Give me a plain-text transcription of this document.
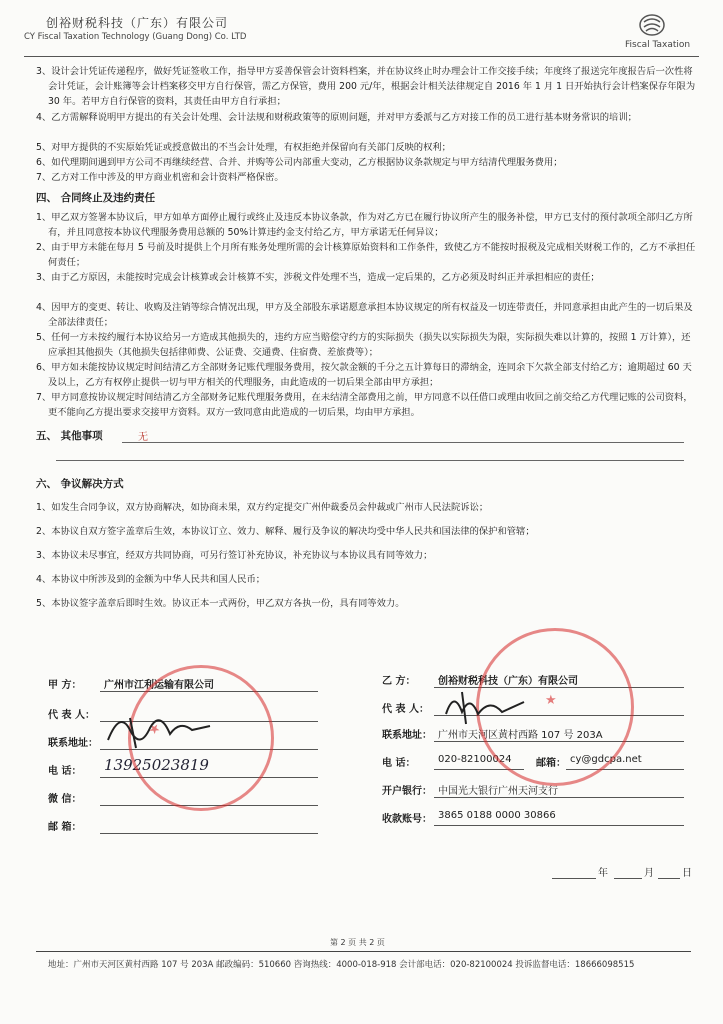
创裕财税科技（广东）有限公司
CY Fiscal Taxation Technology (Guang Dong) Co. LTD
Fiscal Taxation
3、设计会计凭证传递程序，做好凭证签收工作，指导甲方妥善保管会计资料档案，并在协议终止时办理会计工作交接手续；年度终了报送完年度报告后一次性将会计凭证，会计账簿等会计档案移交甲方自行保管，需乙方保管，费用 200 元/年，根据会计相关法律规定自 2016 年 1 月 1 日开始执行会计档案保存年限为 30 年。若甲方自行保管的资料，其责任由甲方自行承担；
4、乙方需解释说明甲方提出的有关会计处理、会计法规和财税政策等的原则问题，并对甲方委派与乙方对接工作的员工进行基本财务常识的培训；
5、对甲方提供的不实原始凭证或授意做出的不当会计处理，有权拒绝并保留向有关部门反映的权利；
6、如代理期间遇到甲方公司不再继续经营、合并、并购等公司内部重大变动，乙方根据协议条款规定与甲方结清代理服务费用；
7、乙方对工作中涉及的甲方商业机密和会计资料严格保密。
四、 合同终止及违约责任
1、甲乙双方签署本协议后，甲方如单方面停止履行或终止及违反本协议条款，作为对乙方已在履行协议所产生的服务补偿，甲方已支付的预付款项全部归乙方所有，并且同意按本协议代理服务费用总额的 50%计算违约金支付给乙方，甲方承诺无任何异议；
2、由于甲方未能在每月 5 号前及时提供上个月所有账务处理所需的会计核算原始资料和工作条件，致使乙方不能按时报税及完成相关财税工作的，乙方不承担任何责任；
3、由于乙方原因，未能按时完成会计核算或会计核算不实，涉税文件处理不当，造成一定后果的，乙方必须及时纠正并承担相应的责任；
4、因甲方的变更、转让、收购及注销等综合情况出现，甲方及全部股东承诺愿意承担本协议规定的所有权益及一切连带责任，并同意承担由此产生的一切后果及全部法律责任；
5、任何一方未按约履行本协议给另一方造成其他损失的，违约方应当赔偿守约方的实际损失（损失以实际损失为限，实际损失难以计算的，按照 1 万计算），还应承担其他损失（其他损失包括律师费、公证费、交通费、住宿费、差旅费等）；
6、甲方如未能按协议规定时间结清乙方全部财务记账代理服务费用，按欠款金额的千分之五计算每日的滞纳金，连同余下欠款全部支付给乙方；逾期超过 60 天及以上，乙方有权停止提供一切与甲方相关的代理服务，由此造成的一切后果全部由甲方承担；
7、甲方同意按协议规定时间结清乙方全部财务记账代理服务费用，在未结清全部费用之前，甲方同意不以任借口或理由收回之前交给乙方代理记账的公司资料，更不能向乙方提出要求交接甲方资料。双方一致同意由此造成的一切后果，均由甲方承担。
五、 其他事项	无
六、 争议解决方式
1、如发生合同争议，双方协商解决，如协商未果，双方约定提交广州仲裁委员会仲裁或广州市人民法院诉讼；
2、本协议自双方签字盖章后生效，本协议订立、效力、解释、履行及争议的解决均受中华人民共和国法律的保护和管辖；
3、本协议未尽事宜，经双方共同协商，可另行签订补充协议，补充协议与本协议具有同等效力；
4、本协议中所涉及到的金额为中华人民共和国人民币；
5、本协议签字盖章后即时生效。协议正本一式两份，甲乙双方各执一份，具有同等效力。
甲 方： 广州市江利运输有限公司
代 表 人：
联系地址：
电 话： 13925023819
微 信：
邮 箱：
乙 方： 创裕财税科技（广东）有限公司
代 表 人：
联系地址： 广州市天河区黄村西路 107 号 203A
电 话： 020-82100024 邮箱： cy@gdcpa.net
开户银行： 中国光大银行广州天河支行
收款账号： 3865 0188 0000 30866
年	月	日
★
★
第 2 页 共 2 页
地址：广州市天河区黄村西路 107 号 203A 邮政编码：510660 咨询热线：4000-018-918 会计部电话：020-82100024 投诉监督电话：18666098515
